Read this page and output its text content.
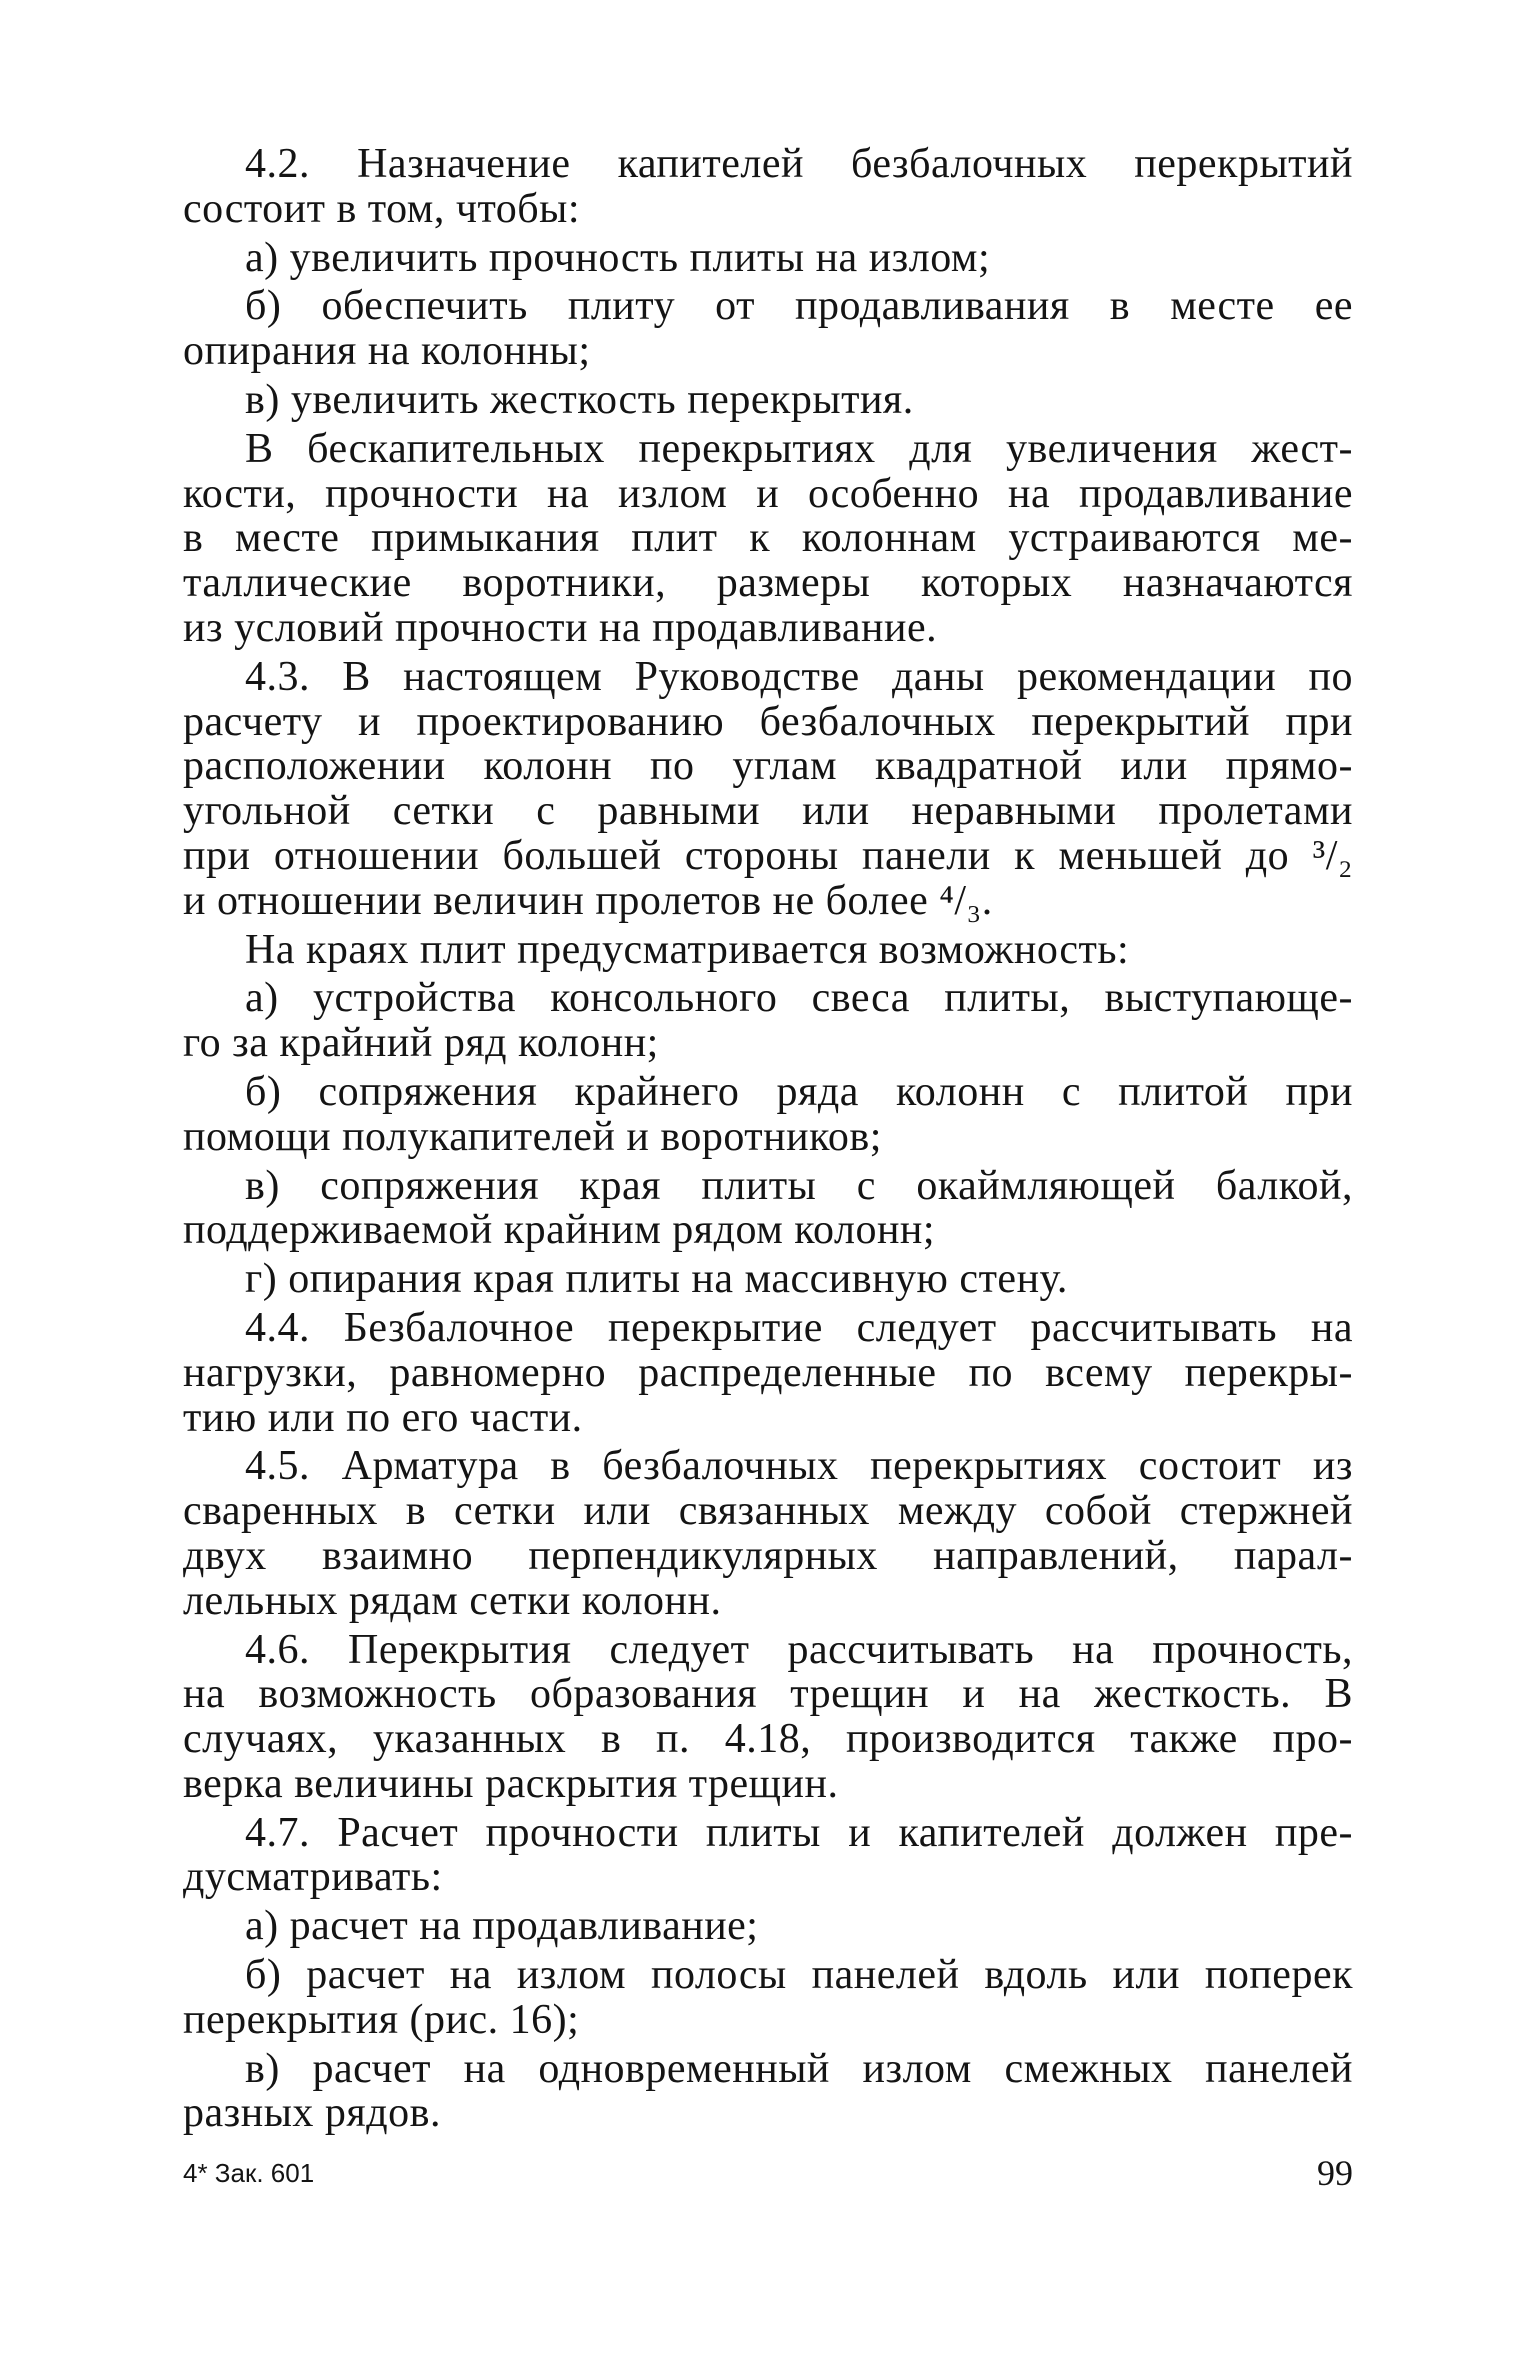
4.2. Назначение капителей безбалочных перекрытий
состоит в том, чтобы:
а) увеличить прочность плиты на излом;
б) обеспечить плиту от продавливания в месте ее
опирания на колонны;
в) увеличить жесткость перекрытия.
В бескапительных перекрытиях для увеличения жест-
кости, прочности на излом и особенно на продавливание
в месте примыкания плит к колоннам устраиваются ме-
таллические воротники, размеры которых назначаются
из условий прочности на продавливание.
4.3. В настоящем Руководстве даны рекомендации по
расчету и проектированию безбалочных перекрытий при
расположении колонн по углам квадратной или прямо-
угольной сетки с равными или неравными пролетами
при отношении большей стороны панели к меньшей до ³/₂
и отношении величин пролетов не более ⁴/₃.
На краях плит предусматривается возможность:
а) устройства консольного свеса плиты, выступающе-
го за крайний ряд колонн;
б) сопряжения крайнего ряда колонн с плитой при
помощи полукапителей и воротников;
в) сопряжения края плиты с окаймляющей балкой,
поддерживаемой крайним рядом колонн;
г) опирания края плиты на массивную стену.
4.4. Безбалочное перекрытие следует рассчитывать на
нагрузки, равномерно распределенные по всему перекры-
тию или по его части.
4.5. Арматура в безбалочных перекрытиях состоит из
сваренных в сетки или связанных между собой стержней
двух взаимно перпендикулярных направлений, парал-
лельных рядам сетки колонн.
4.6. Перекрытия следует рассчитывать на прочность,
на возможность образования трещин и на жесткость. В
случаях, указанных в п. 4.18, производится также про-
верка величины раскрытия трещин.
4.7. Расчет прочности плиты и капителей должен пре-
дусматривать:
а) расчет на продавливание;
б) расчет на излом полосы панелей вдоль или поперек
перекрытия (рис. 16);
в) расчет на одновременный излом смежных панелей
разных рядов.
4* Зак. 601	99
